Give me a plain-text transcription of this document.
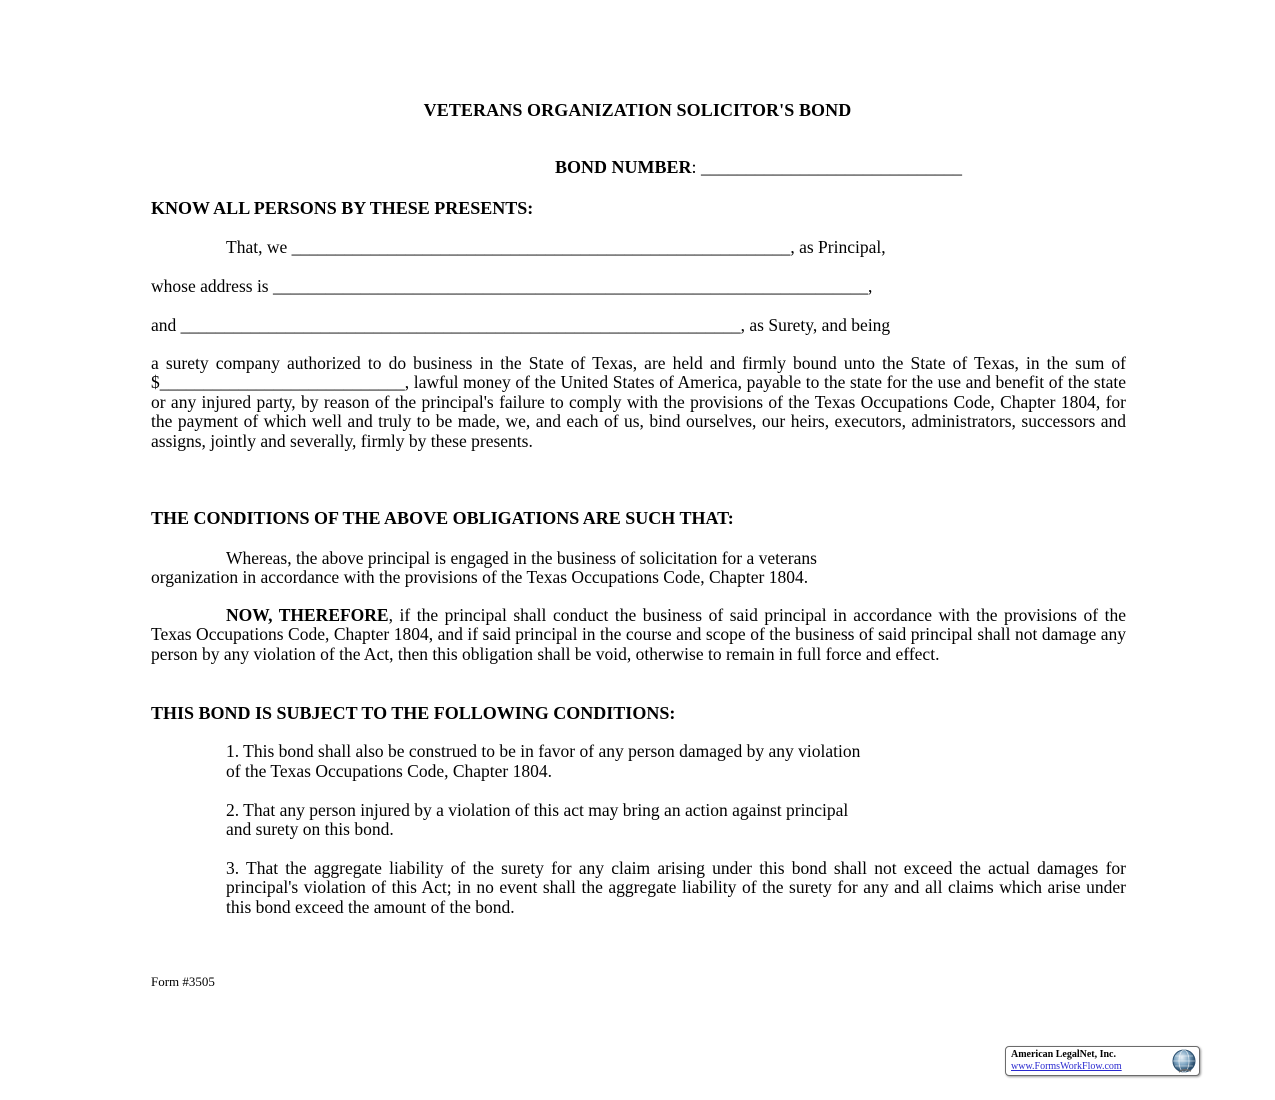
VETERANS ORGANIZATION SOLICITOR'S BOND
BOND NUMBER: _____________________________
KNOW ALL PERSONS BY THESE PRESENTS:
That, we _________________________________________________________, as Principal,
whose address is ____________________________________________________________________,
and ________________________________________________________________, as Surety, and being
a surety company authorized to do business in the State of Texas, are held and firmly bound unto the State of Texas, in the sum of $____________________________, lawful money of the United States of America, payable to the state for the use and benefit of the state or any injured party, by reason of the principal's failure to comply with the provisions of the Texas Occupations Code, Chapter 1804, for the payment of which well and truly to be made, we, and each of us, bind ourselves, our heirs, executors, administrators, successors and assigns, jointly and severally, firmly by these presents.
THE CONDITIONS OF THE ABOVE OBLIGATIONS ARE SUCH THAT:
Whereas, the above principal is engaged in the business of solicitation for a veterans
organization in accordance with the provisions of the Texas Occupations Code, Chapter 1804.
NOW, THEREFORE, if the principal shall conduct the business of said principal in accordance with the provisions of the Texas Occupations Code, Chapter 1804, and if said principal in the course and scope of the business of said principal shall not damage any person by any violation of the Act, then this obligation shall be void, otherwise to remain in full force and effect.
THIS BOND IS SUBJECT TO THE FOLLOWING CONDITIONS:
1. This bond shall also be construed to be in favor of any person damaged by any violation
of the Texas Occupations Code, Chapter 1804.
2. That any person injured by a violation of this act may bring an action against principal
and surety on this bond.
3. That the aggregate liability of the surety for any claim arising under this bond shall not exceed the actual damages for principal's violation of this Act; in no event shall the aggregate liability of the surety for any and all claims which arise under this bond exceed the amount of the bond.
Form #3505
American LegalNet, Inc.
www.FormsWorkFlow.com
